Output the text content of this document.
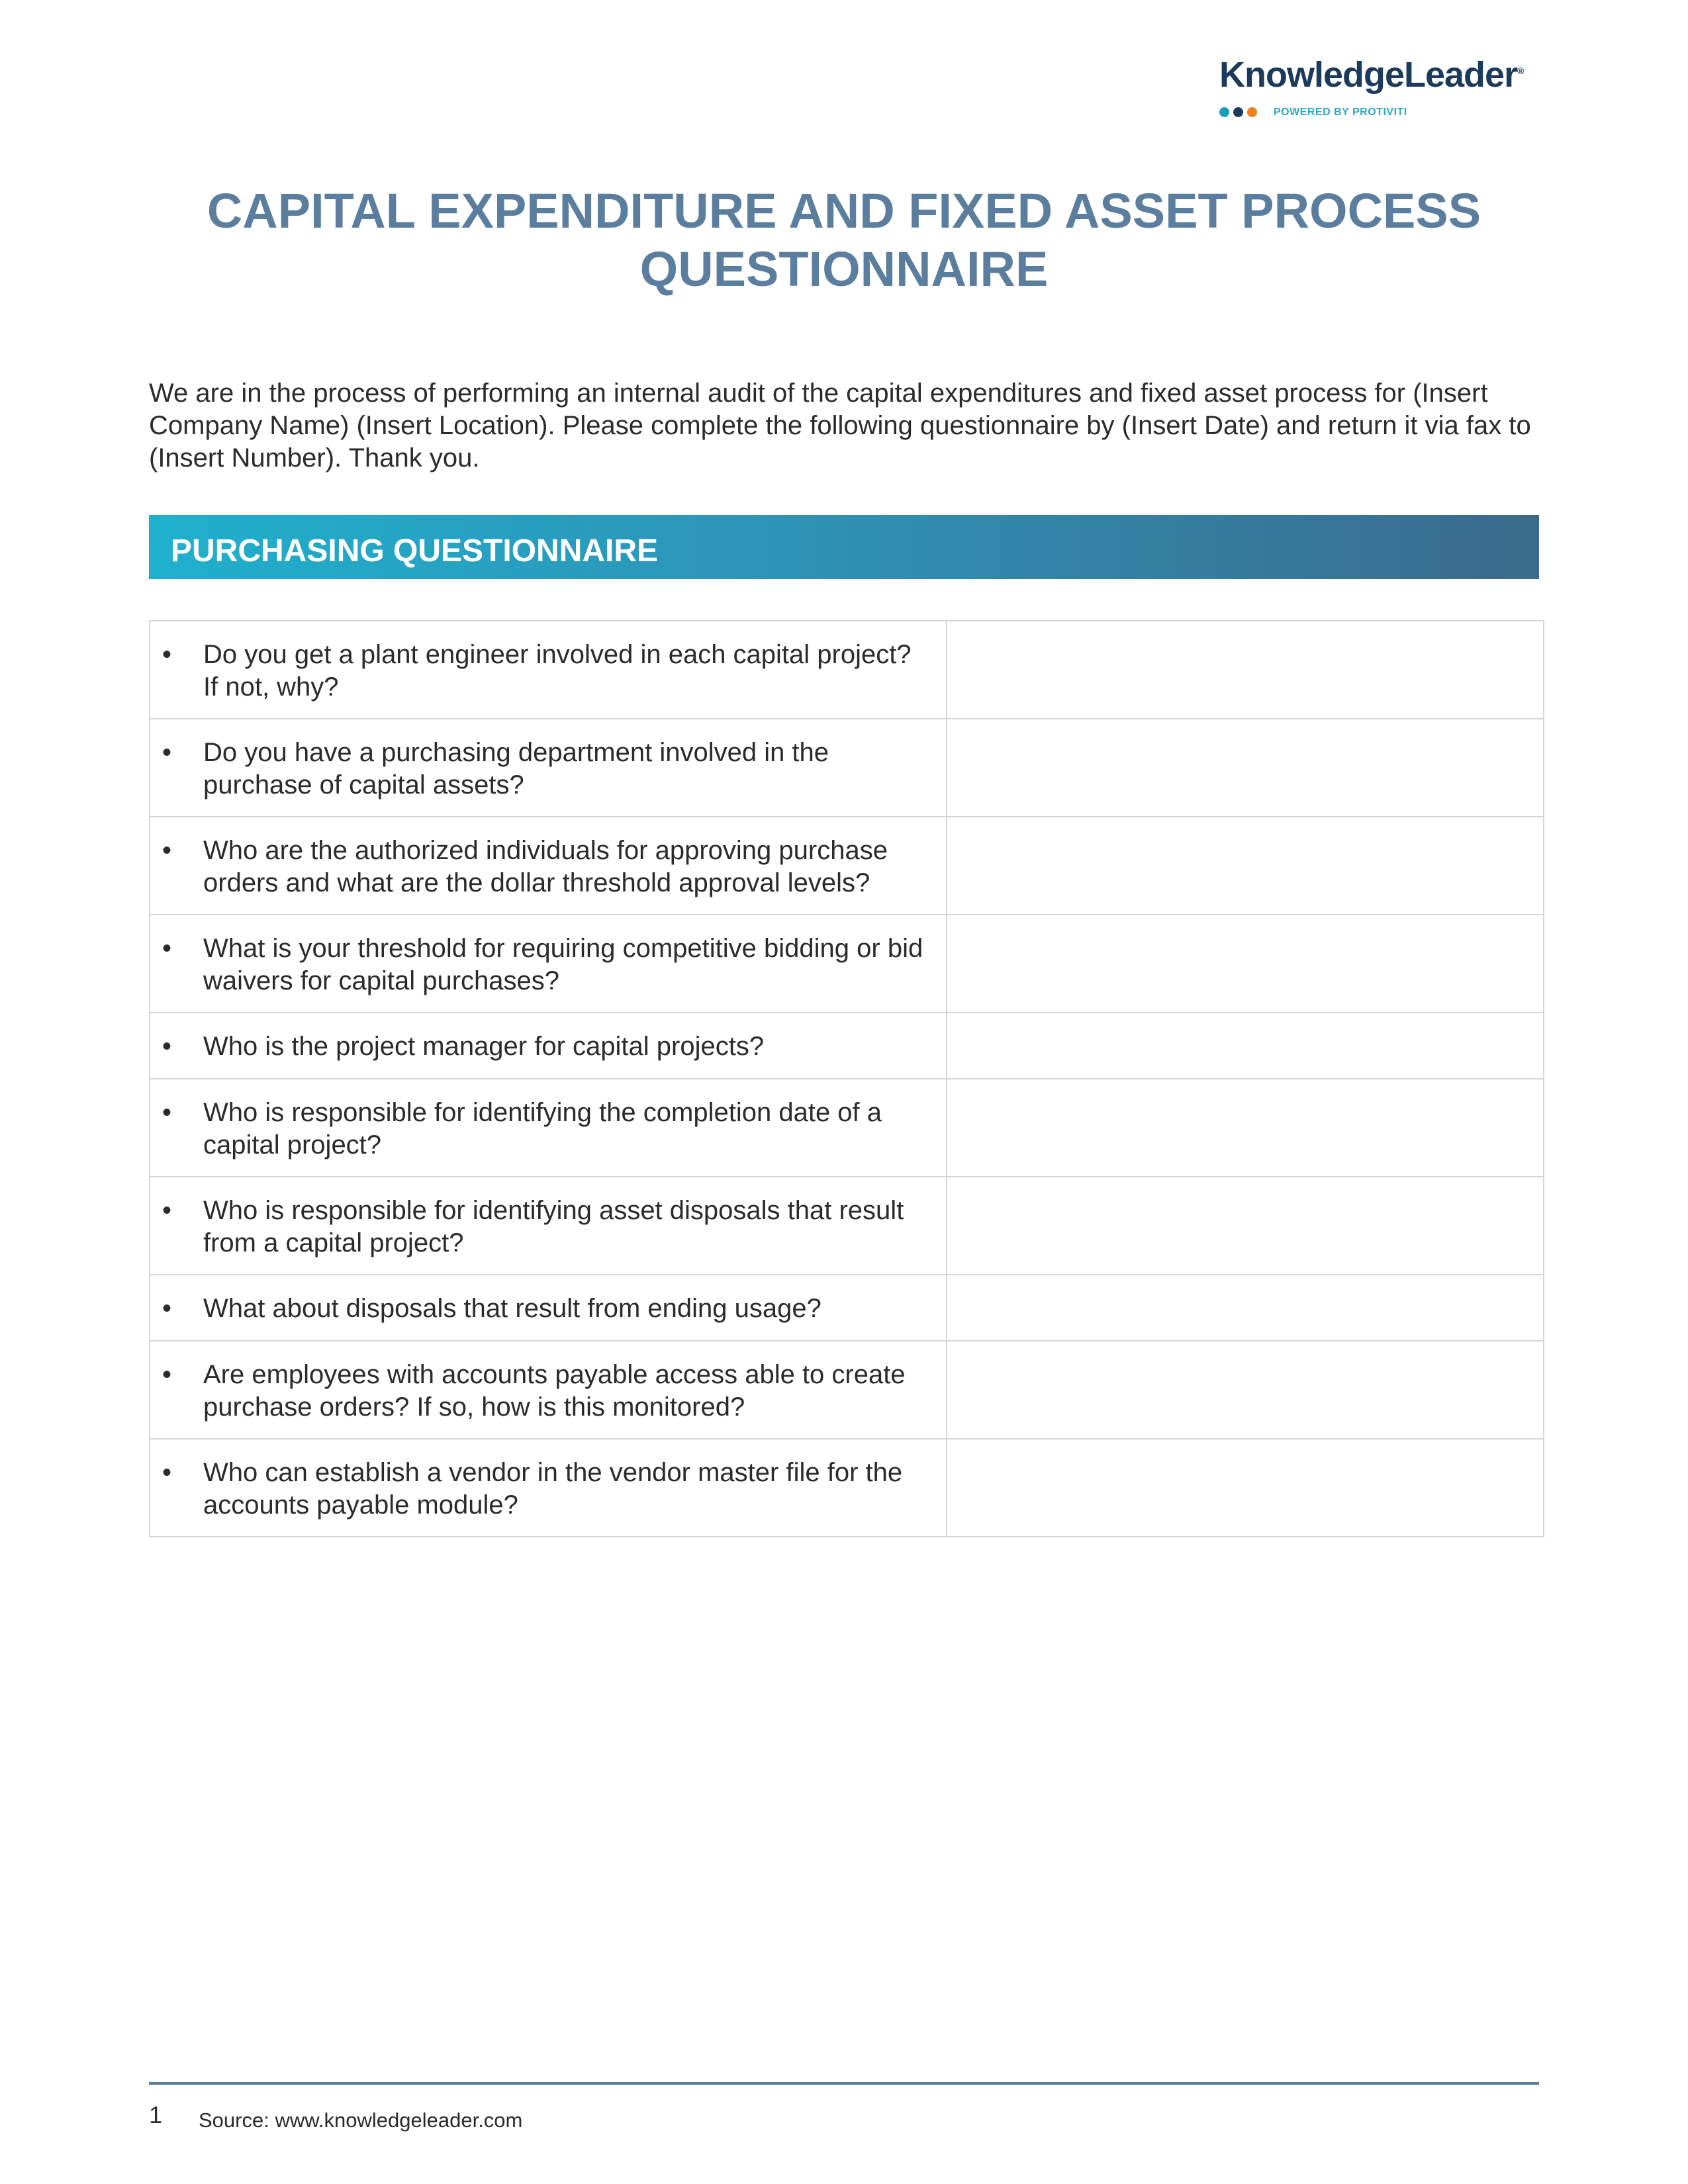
KnowledgeLeader®
POWERED BY PROTIVITI
CAPITAL EXPENDITURE AND FIXED ASSET PROCESS QUESTIONNAIRE

We are in the process of performing an internal audit of the capital expenditures and fixed asset process for (Insert Company Name) (Insert Location). Please complete the following questionnaire by (Insert Date) and return it via fax to (Insert Number). Thank you.

PURCHASING QUESTIONNAIRE
• Do you get a plant engineer involved in each capital project? If not, why?	

• Do you have a purchasing department involved in the purchase of capital assets?	

• Who are the authorized individuals for approving purchase orders and what are the dollar threshold approval levels?	

• What is your threshold for requiring competitive bidding or bid waivers for capital purchases?	

• Who is the project manager for capital projects?	

• Who is responsible for identifying the completion date of a capital project?	

• Who is responsible for identifying asset disposals that result from a capital project?	

• What about disposals that result from ending usage?	

• Are employees with accounts payable access able to create purchase orders? If so, how is this monitored?	

• Who can establish a vendor in the vendor master file for the accounts payable module?	

1 Source: www.knowledgeleader.com
